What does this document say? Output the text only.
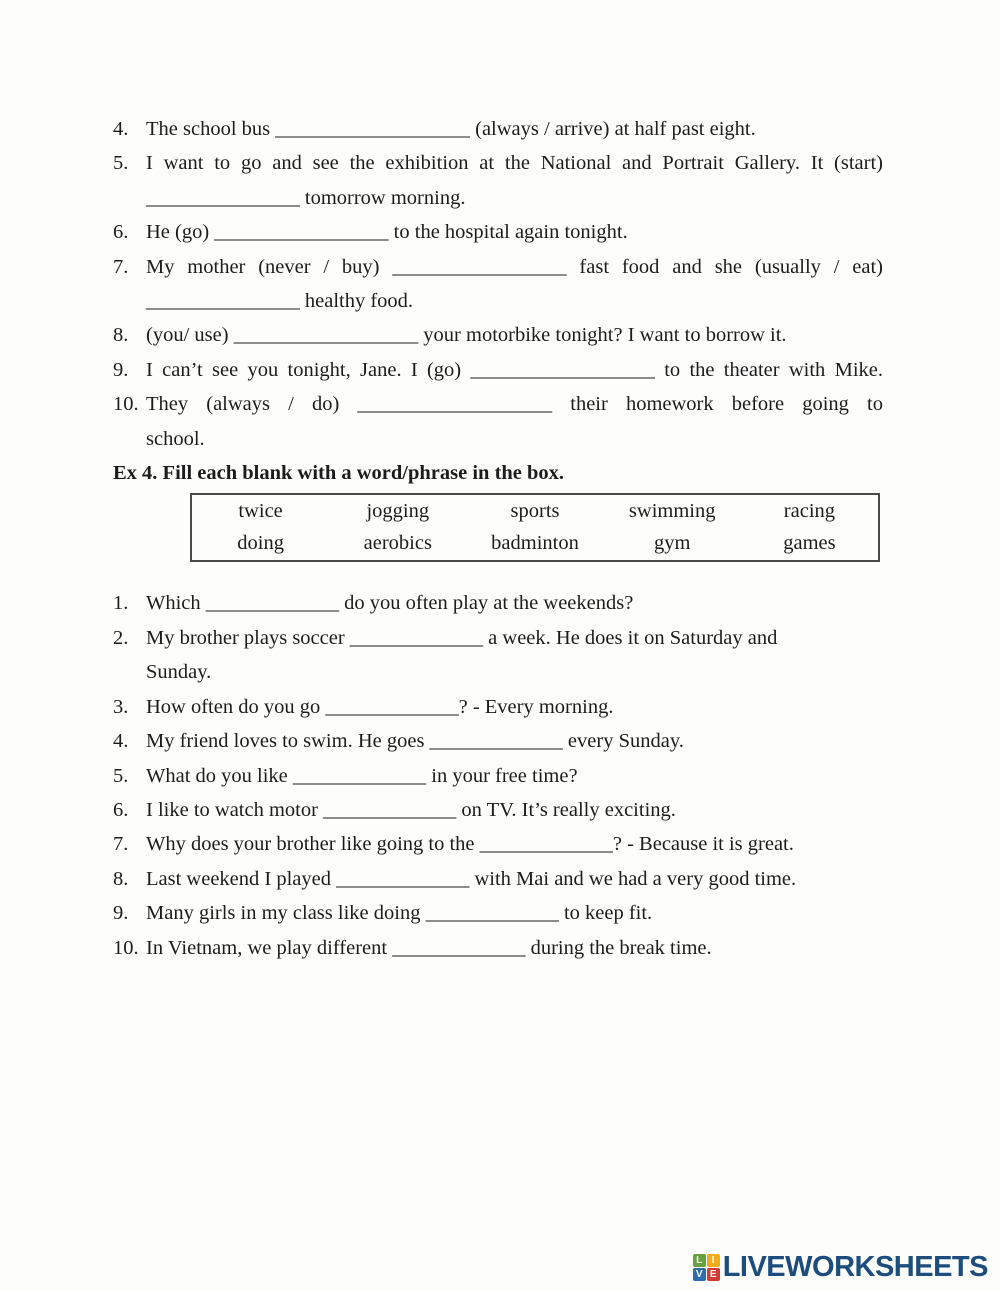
4. The school bus ___________________ (always / arrive) at half past eight.
5. I want to go and see the exhibition at the National and Portrait Gallery. It (start)
_______________ tomorrow morning.
6. He (go) _________________ to the hospital again tonight.
7. My mother (never / buy) _________________ fast food and she (usually / eat)
_______________ healthy food.
8. (you/ use) __________________ your motorbike tonight? I want to borrow it.
9. I can’t see you tonight, Jane. I (go) __________________ to the theater with Mike.
10. They (always / do) ___________________ their homework before going to
school.
Ex 4. Fill each blank with a word/phrase in the box.
twice	jogging	sports	swimming	racing
doing	aerobics	badminton	gym	games
1. Which _____________ do you often play at the weekends?
2. My brother plays soccer _____________ a week. He does it on Saturday and
Sunday.
3. How often do you go _____________? - Every morning.
4. My friend loves to swim. He goes _____________ every Sunday.
5. What do you like _____________ in your free time?
6. I like to watch motor _____________ on TV. It’s really exciting.
7. Why does your brother like going to the _____________? - Because it is great.
8. Last weekend I played _____________ with Mai and we had a very good time.
9. Many girls in my class like doing _____________ to keep fit.
10. In Vietnam, we play different _____________ during the break time.
L I
V E LIVEWORKSHEETS
